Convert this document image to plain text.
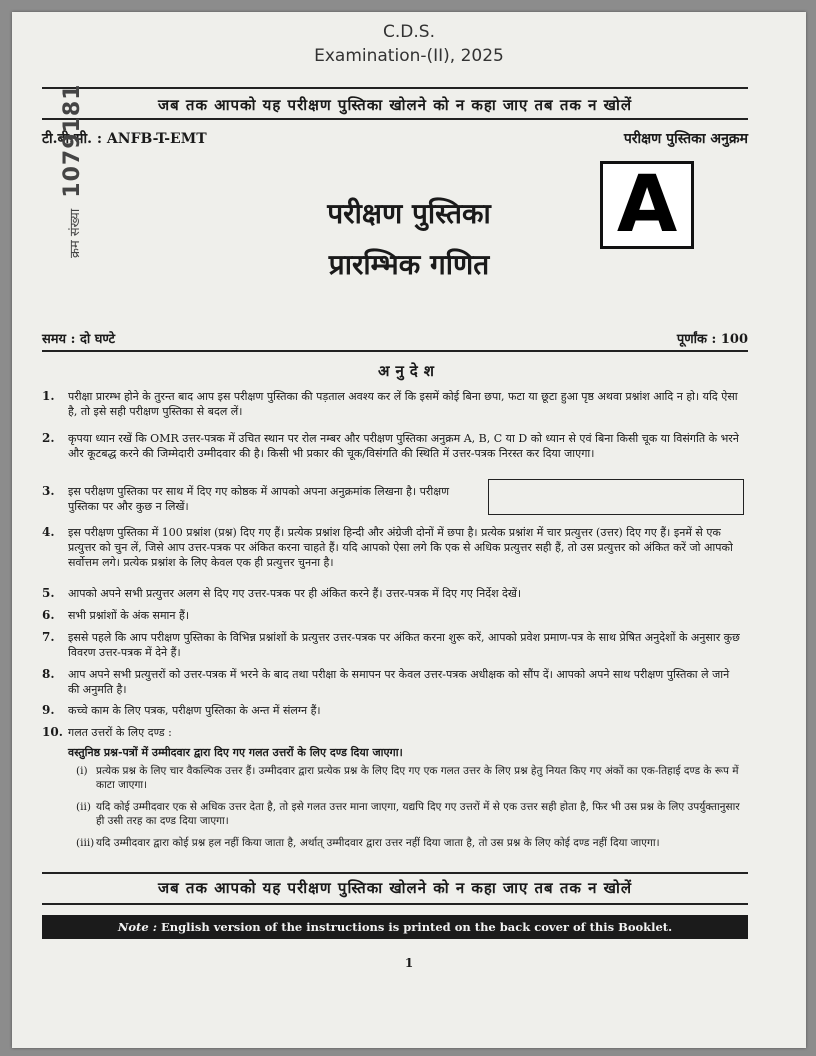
C.D.S.
Examination-(II), 2025
जब तक आपको यह परीक्षण पुस्तिका खोलने को न कहा जाए तब तक न खोलें
टी.बी.सी. : ANFB-T-EMT	परीक्षण पुस्तिका अनुक्रम
A
क्रम संख्या 1079181
परीक्षण पुस्तिका
प्रारम्भिक गणित
समय : दो घण्टे	पूर्णांक : 100
अनुदेश
1.	परीक्षा प्रारम्भ होने के तुरन्त बाद आप इस परीक्षण पुस्तिका की पड़ताल अवश्य कर लें कि इसमें कोई बिना छपा, फटा या छूटा हुआ पृष्ठ अथवा प्रश्नांश आदि न हो। यदि ऐसा है, तो इसे सही परीक्षण पुस्तिका से बदल लें।
2.	कृपया ध्यान रखें कि OMR उत्तर-पत्रक में उचित स्थान पर रोल नम्बर और परीक्षण पुस्तिका अनुक्रम A, B, C या D को ध्यान से एवं बिना किसी चूक या विसंगति के भरने और कूटबद्ध करने की जिम्मेदारी उम्मीदवार की है। किसी भी प्रकार की चूक/विसंगति की स्थिति में उत्तर-पत्रक निरस्त कर दिया जाएगा।
3.	इस परीक्षण पुस्तिका पर साथ में दिए गए कोष्ठक में आपको अपना अनुक्रमांक लिखना है। परीक्षण पुस्तिका पर और कुछ न लिखें।
4.	इस परीक्षण पुस्तिका में 100 प्रश्नांश (प्रश्न) दिए गए हैं। प्रत्येक प्रश्नांश हिन्दी और अंग्रेजी दोनों में छपा है। प्रत्येक प्रश्नांश में चार प्रत्युत्तर (उत्तर) दिए गए हैं। इनमें से एक प्रत्युत्तर को चुन लें, जिसे आप उत्तर-पत्रक पर अंकित करना चाहते हैं। यदि आपको ऐसा लगे कि एक से अधिक प्रत्युत्तर सही हैं, तो उस प्रत्युत्तर को अंकित करें जो आपको सर्वोत्तम लगे। प्रत्येक प्रश्नांश के लिए केवल एक ही प्रत्युत्तर चुनना है।
5.	आपको अपने सभी प्रत्युत्तर अलग से दिए गए उत्तर-पत्रक पर ही अंकित करने हैं। उत्तर-पत्रक में दिए गए निर्देश देखें।
6.	सभी प्रश्नांशों के अंक समान हैं।
7.	इससे पहले कि आप परीक्षण पुस्तिका के विभिन्न प्रश्नांशों के प्रत्युत्तर उत्तर-पत्रक पर अंकित करना शुरू करें, आपको प्रवेश प्रमाण-पत्र के साथ प्रेषित अनुदेशों के अनुसार कुछ विवरण उत्तर-पत्रक में देने हैं।
8.	आप अपने सभी प्रत्युत्तरों को उत्तर-पत्रक में भरने के बाद तथा परीक्षा के समापन पर केवल उत्तर-पत्रक अधीक्षक को सौंप दें। आपको अपने साथ परीक्षण पुस्तिका ले जाने की अनुमति है।
9.	कच्चे काम के लिए पत्रक, परीक्षण पुस्तिका के अन्त में संलग्न हैं।
10. गलत उत्तरों के लिए दण्ड :
वस्तुनिष्ठ प्रश्न-पत्रों में उम्मीदवार द्वारा दिए गए गलत उत्तरों के लिए दण्ड दिया जाएगा।
(i) प्रत्येक प्रश्न के लिए चार वैकल्पिक उत्तर हैं। उम्मीदवार द्वारा प्रत्येक प्रश्न के लिए दिए गए एक गलत उत्तर के लिए प्रश्न हेतु नियत किए गए अंकों का एक-तिहाई दण्ड के रूप में काटा जाएगा।
(ii) यदि कोई उम्मीदवार एक से अधिक उत्तर देता है, तो इसे गलत उत्तर माना जाएगा, यद्यपि दिए गए उत्तरों में से एक उत्तर सही होता है, फिर भी उस प्रश्न के लिए उपर्युक्तानुसार ही उसी तरह का दण्ड दिया जाएगा।
(iii) यदि उम्मीदवार द्वारा कोई प्रश्न हल नहीं किया जाता है, अर्थात् उम्मीदवार द्वारा उत्तर नहीं दिया जाता है, तो उस प्रश्न के लिए कोई दण्ड नहीं दिया जाएगा।
जब तक आपको यह परीक्षण पुस्तिका खोलने को न कहा जाए तब तक न खोलें
Note : English version of the instructions is printed on the back cover of this Booklet.
1
